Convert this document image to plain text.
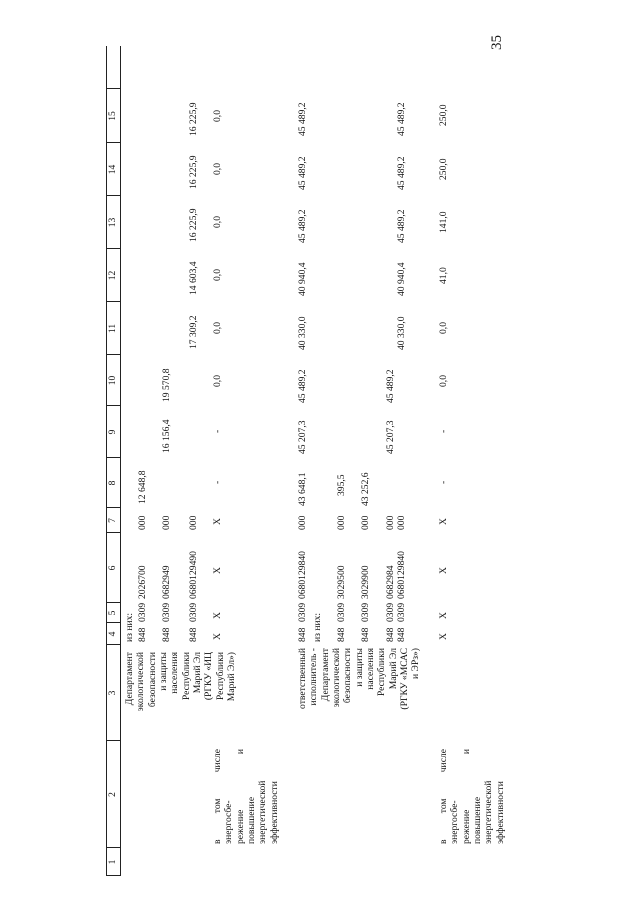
35
1
2
3
4
5
6
7
8
9
10
11
12
13
14
15
Департамент экологической безопасности и защиты населения Республики Марий Эл (РГКУ «ИЦ Республики Марий Эл»)
из них: 848
0309
2026700
000
12 648,8
848
0309
0682949
000
16 156,4
19 570,8
848
0309
0680129490
000
17 309,2
14 603,4
16 225,9
16 225,9
16 225,9
в том числе
энергосбе- режение и
повышение энергетической эффективности
X
X
X
X
-
-
0,0
0,0
0,0
0,0
0,0
0,0
ответственный исполнитель - Департамент экологической безопасности и защиты населения Республики Марий Эл (РГКУ «МСАС и ЭРз»)
848
0309
0680129840
000
43 648,1
45 207,3
45 489,2
40 330,0
40 940,4
45 489,2
45 489,2
45 489,2
из них: 848
0309
3029500
000
395,5
848
0309
3029900
000
43 252,6
848 848
0309 0309
0682984 0680129840
000 000
45 207,3
45 489,2
40 330,0
40 940,4
45 489,2
45 489,2
45 489,2
в том числе
энергосбе- режение и
повышение энергетической эффективности
X
X
X
X
-
-
0,0
0,0
41,0
141,0
250,0
250,0
